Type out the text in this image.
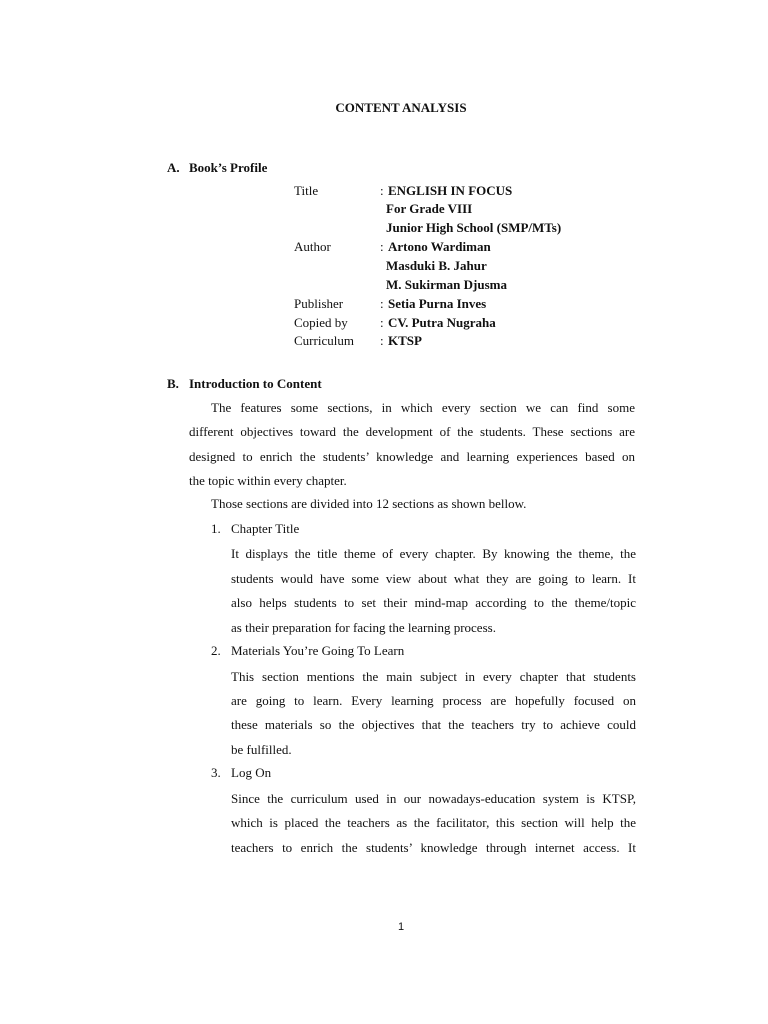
CONTENT ANALYSIS
A. Book’s Profile
Title	: ENGLISH IN FOCUS
For Grade VIII
Junior High School (SMP/MTs)
Author	: Artono Wardiman
Masduki B. Jahur
M. Sukirman Djusma
Publisher	: Setia Purna Inves
Copied by : CV. Putra Nugraha
Curriculum : KTSP
B. Introduction to Content
The features some sections, in which every section we can find some
different objectives toward the development of the students. These sections are
designed to enrich the students’ knowledge and learning experiences based on
the topic within every chapter.
Those sections are divided into 12 sections as shown bellow.
1. Chapter Title
It displays the title theme of every chapter. By knowing the theme, the
students would have some view about what they are going to learn. It
also helps students to set their mind-map according to the theme/topic
as their preparation for facing the learning process.
2. Materials You’re Going To Learn
This section mentions the main subject in every chapter that students
are going to learn. Every learning process are hopefully focused on
these materials so the objectives that the teachers try to achieve could
be fulfilled.
3. Log On
Since the curriculum used in our nowadays-education system is KTSP,
which is placed the teachers as the facilitator, this section will help the
teachers to enrich the students’ knowledge through internet access. It
1
